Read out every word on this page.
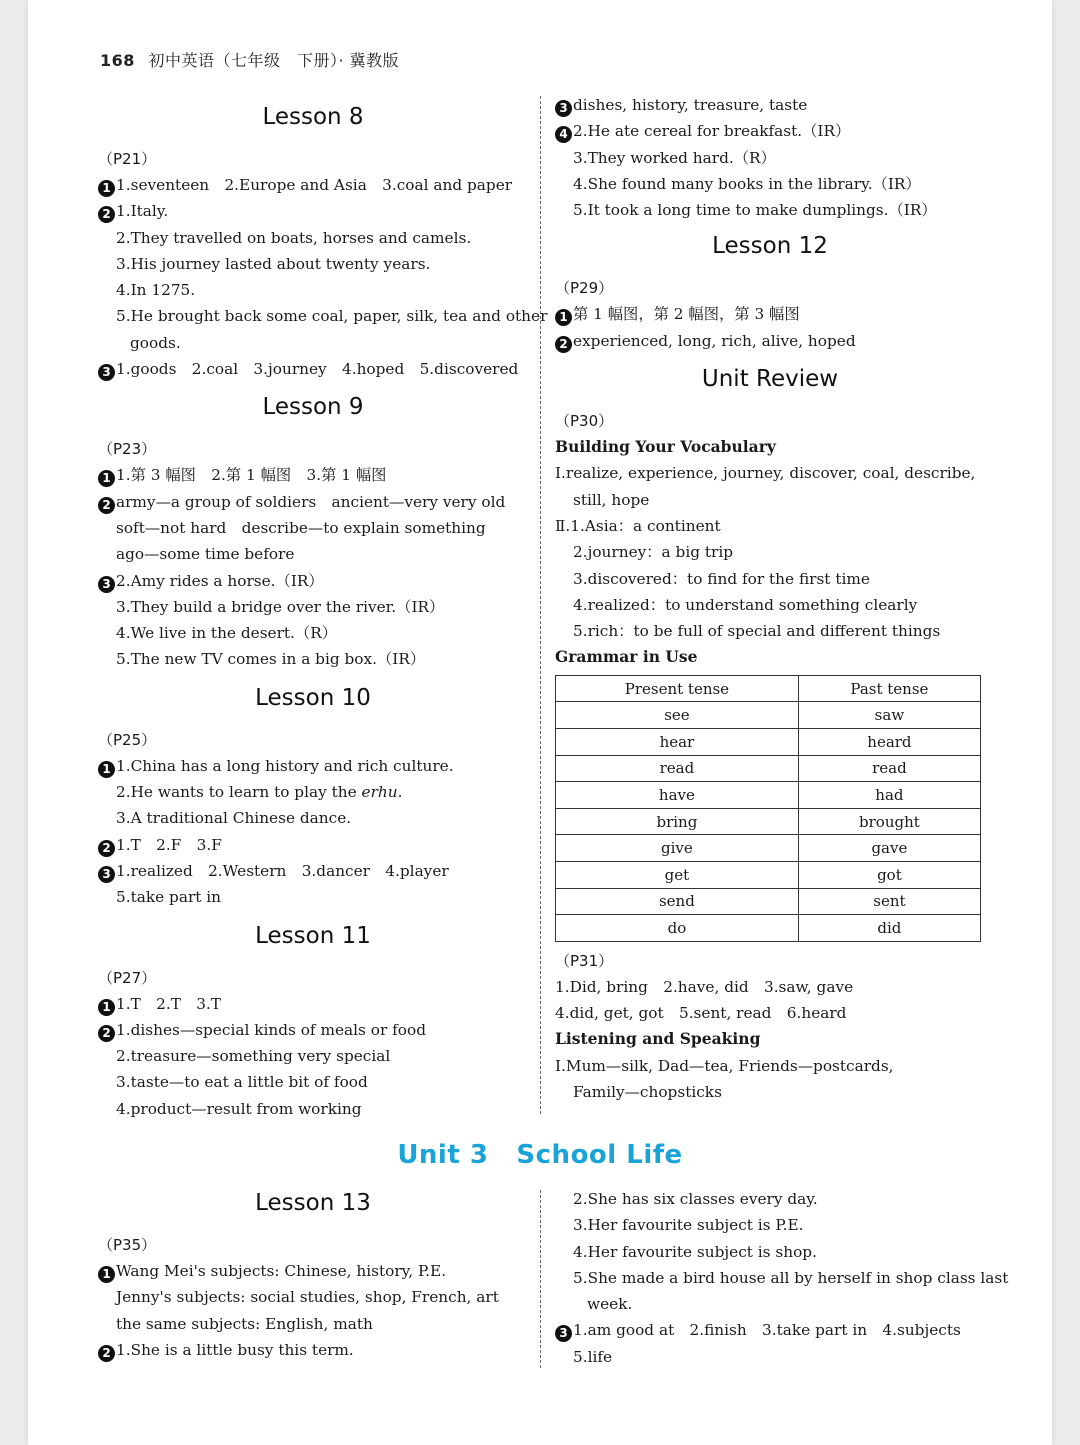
168 初中英语（七年级　下册）· 冀教版
Lesson 8
（P21）
1 1.seventeen　2.Europe and Asia　3.coal and paper
2 1.Italy.
2.They travelled on boats, horses and camels.
3.His journey lasted about twenty years.
4.In 1275.
5.He brought back some coal, paper, silk, tea and other
goods.
3 1.goods　2.coal　3.journey　4.hoped　5.discovered
Lesson 9
（P23）
1 1.第 3 幅图　2.第 1 幅图　3.第 1 幅图
2 army—a group of soldiers　ancient—very very old
soft—not hard　describe—to explain something
ago—some time before
3 2.Amy rides a horse.（IR）
3.They build a bridge over the river.（IR）
4.We live in the desert.（R）
5.The new TV comes in a big box.（IR）
Lesson 10
（P25）
1 1.China has a long history and rich culture.
2.He wants to learn to play the erhu.
3.A traditional Chinese dance.
2 1.T　2.F　3.F
3 1.realized　2.Western　3.dancer　4.player
5.take part in
Lesson 11
（P27）
1 1.T　2.T　3.T
2 1.dishes—special kinds of meals or food
2.treasure—something very special
3.taste—to eat a little bit of food
4.product—result from working
3 dishes, history, treasure, taste
4 2.He ate cereal for breakfast.（IR）
3.They worked hard.（R）
4.She found many books in the library.（IR）
5.It took a long time to make dumplings.（IR）
Lesson 12
（P29）
1 第 1 幅图，第 2 幅图，第 3 幅图
2 experienced, long, rich, alive, hoped
Unit Review
（P30）
Building Your Vocabulary
Ⅰ.realize, experience, journey, discover, coal, describe,
still, hope
Ⅱ.1.Asia：a continent
2.journey：a big trip
3.discovered：to find for the first time
4.realized：to understand something clearly
5.rich：to be full of special and different things
Grammar in Use
Present tense	Past tense
see	saw
hear	heard
read	read
have	had
bring	brought
give	gave
get	got
send	sent
do	did
（P31）
1.Did, bring　2.have, did　3.saw, gave
4.did, get, got　5.sent, read　6.heard
Listening and Speaking
Ⅰ.Mum—silk, Dad—tea, Friends—postcards,
Family—chopsticks
Unit 3 School Life
Lesson 13
（P35）
1 Wang Mei's subjects: Chinese, history, P.E.
Jenny's subjects: social studies, shop, French, art
the same subjects: English, math
2 1.She is a little busy this term.
2.She has six classes every day.
3.Her favourite subject is P.E.
4.Her favourite subject is shop.
5.She made a bird house all by herself in shop class last
week.
3 1.am good at　2.finish　3.take part in　4.subjects
5.life
